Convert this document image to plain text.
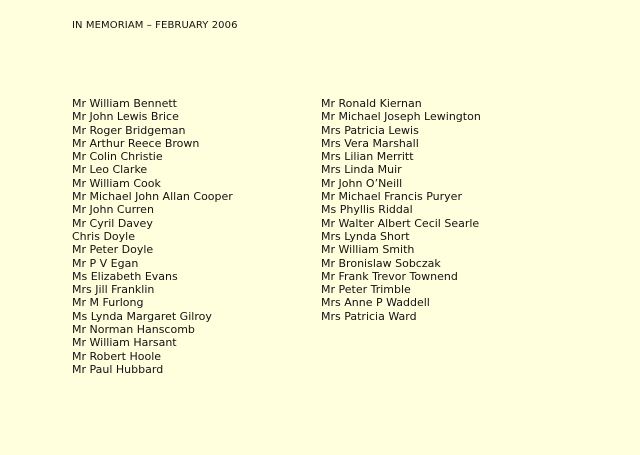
IN MEMORIAM – FEBRUARY 2006
Mr William Bennett
Mr John Lewis Brice
Mr Roger Bridgeman
Mr Arthur Reece Brown
Mr Colin Christie
Mr Leo Clarke
Mr William Cook
Mr Michael John Allan Cooper
Mr John Curren
Mr Cyril Davey
Chris Doyle
Mr Peter Doyle
Mr P V Egan
Ms Elizabeth Evans
Mrs Jill Franklin
Mr M Furlong
Ms Lynda Margaret Gilroy
Mr Norman Hanscomb
Mr William Harsant
Mr Robert Hoole
Mr Paul Hubbard
Mr Ronald Kiernan
Mr Michael Joseph Lewington
Mrs Patricia Lewis
Mrs Vera Marshall
Mrs Lilian Merritt
Mrs Linda Muir
Mr John O’Neill
Mr Michael Francis Puryer
Ms Phyllis Riddal
Mr Walter Albert Cecil Searle
Mrs Lynda Short
Mr William Smith
Mr Bronislaw Sobczak
Mr Frank Trevor Townend
Mr Peter Trimble
Mrs Anne P Waddell
Mrs Patricia Ward
